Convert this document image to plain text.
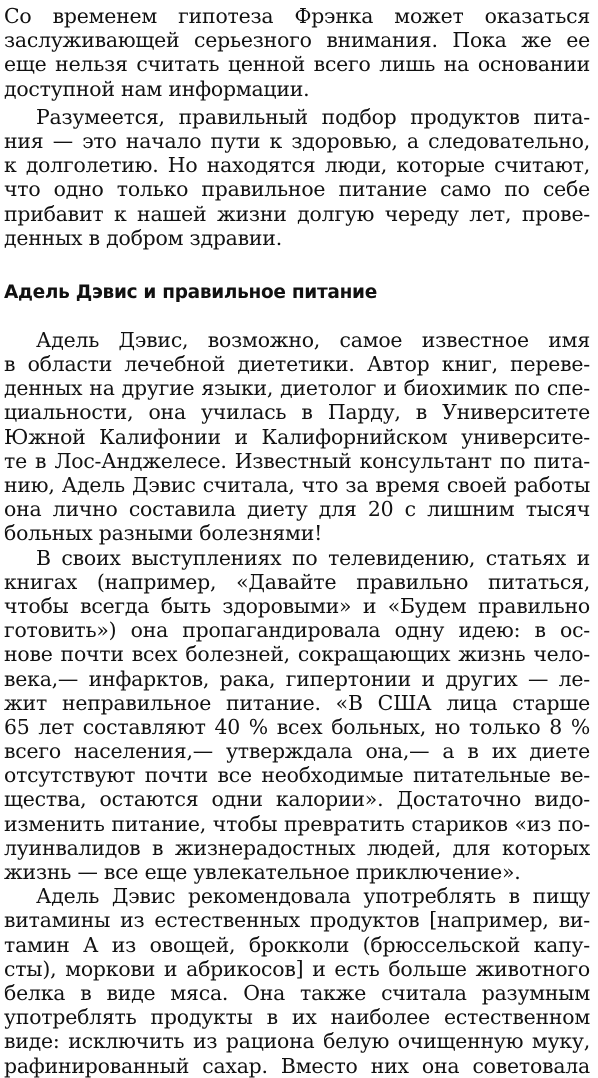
Со временем гипотеза Фрэнка может оказаться
заслуживающей серьезного внимания. Пока же ее
еще нельзя считать ценной всего лишь на основании
доступной нам информации.
Разумеется, правильный подбор продуктов пита-
ния — это начало пути к здоровью, а следовательно,
к долголетию. Но находятся люди, которые считают,
что одно только правильное питание само по себе
прибавит к нашей жизни долгую череду лет, прове-
денных в добром здравии.
Адель Дэвис и правильное питание
Адель Дэвис, возможно, самое известное имя
в области лечебной диететики. Автор книг, переве-
денных на другие языки, диетолог и биохимик по спе-
циальности, она училась в Парду, в Университете
Южной Калифонии и Калифорнийском университе-
те в Лос-Анджелесе. Известный консультант по пита-
нию, Адель Дэвис считала, что за время своей работы
она лично составила диету для 20 с лишним тысяч
больных разными болезнями!
В своих выступлениях по телевидению, статьях и
книгах (например, «Давайте правильно питаться,
чтобы всегда быть здоровыми» и «Будем правильно
готовить») она пропагандировала одну идею: в ос-
нове почти всех болезней, сокращающих жизнь чело-
века,— инфарктов, рака, гипертонии и других — ле-
жит неправильное питание. «В США лица старше
65 лет составляют 40 % всех больных, но только 8 %
всего населения,— утверждала она,— а в их диете
отсутствуют почти все необходимые питательные ве-
щества, остаются одни калории». Достаточно видо-
изменить питание, чтобы превратить стариков «из по-
луинвалидов в жизнерадостных людей, для которых
жизнь — все еще увлекательное приключение».
Адель Дэвис рекомендовала употреблять в пищу
витамины из естественных продуктов [например, ви-
тамин А из овощей, брокколи (брюссельской капу-
сты), моркови и абрикосов] и есть больше животного
белка в виде мяса. Она также считала разумным
употреблять продукты в их наиболее естественном
виде: исключить из рациона белую очищенную муку,
рафинированный сахар. Вместо них она советовала
